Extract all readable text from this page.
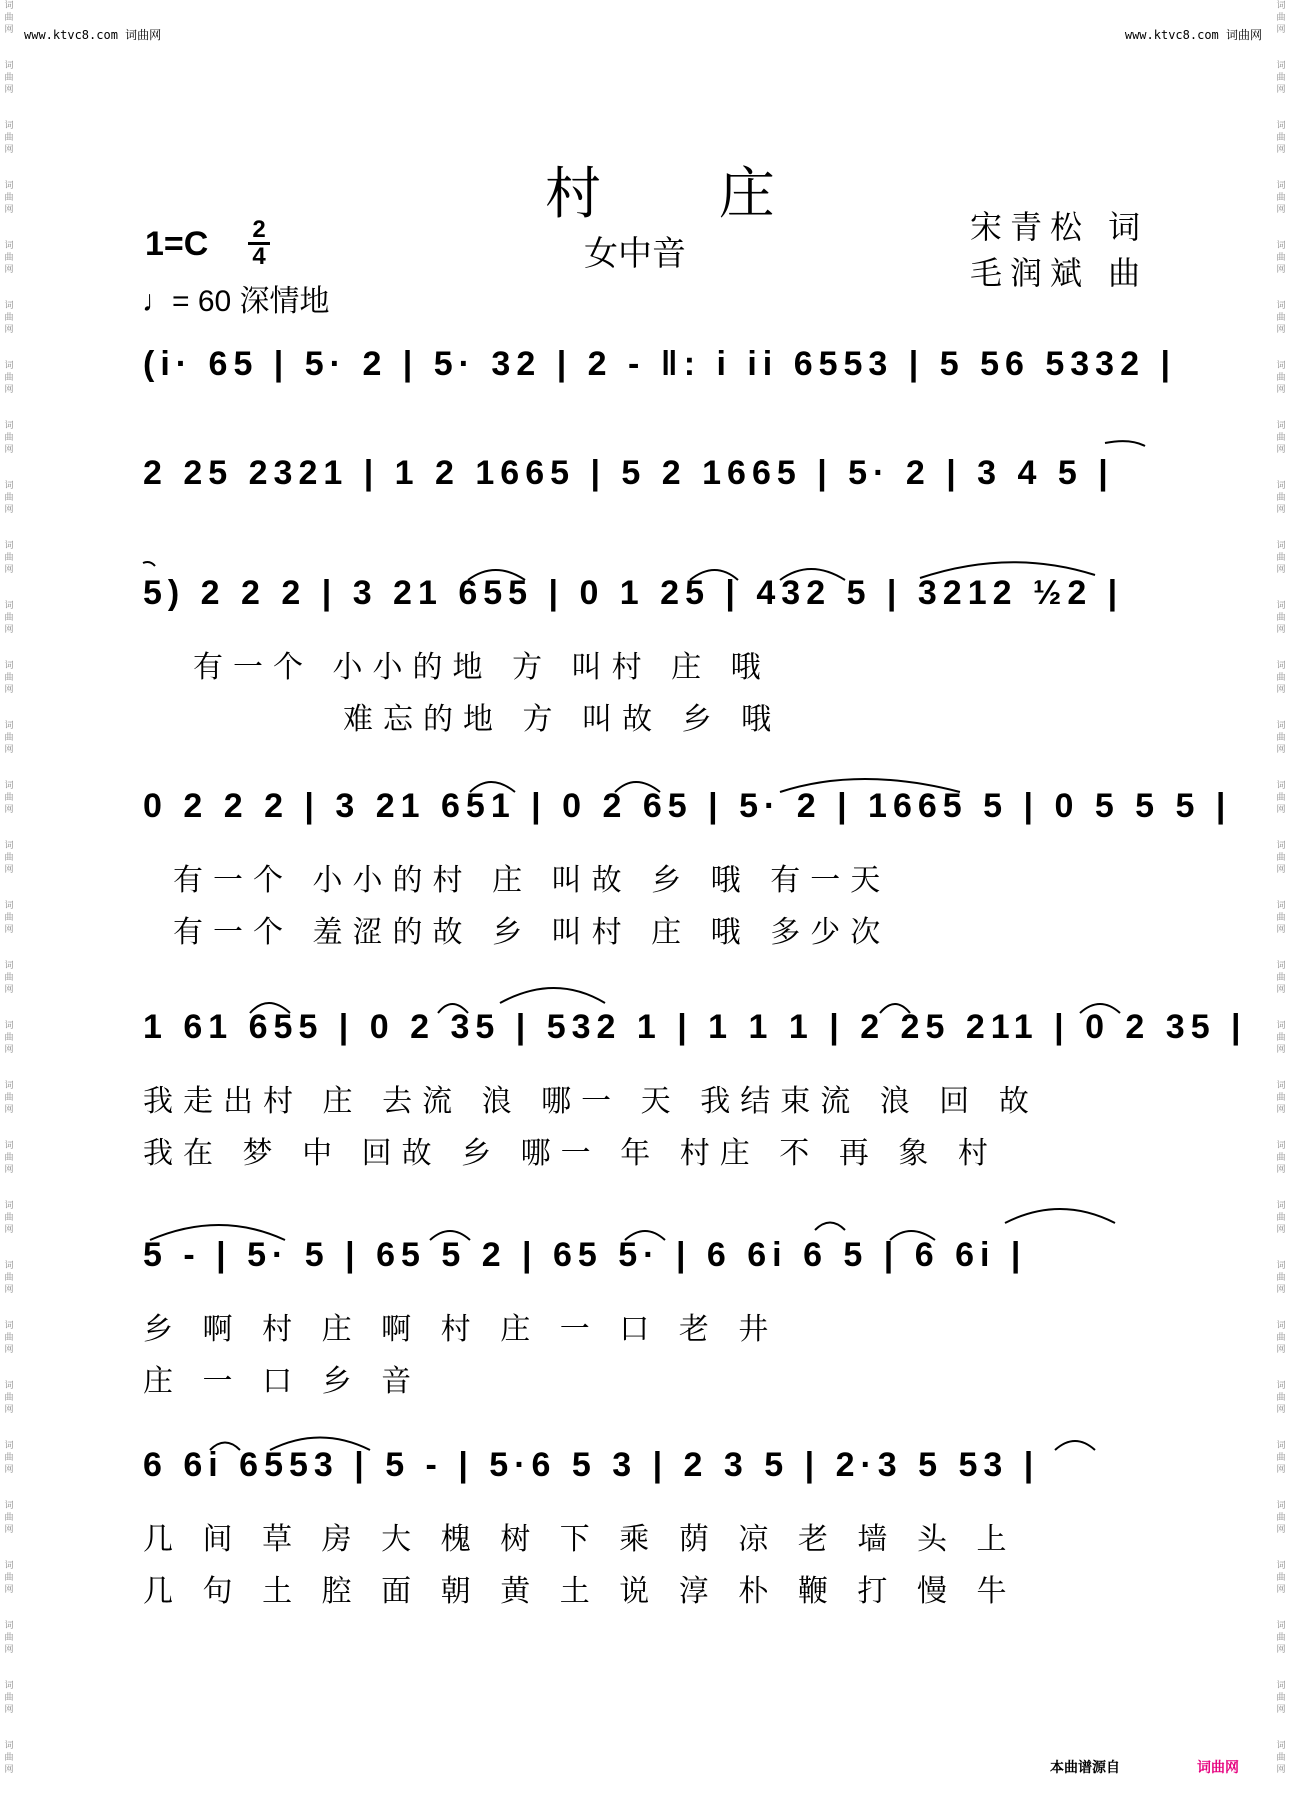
www.ktvc8.com 词曲网	www.ktvc8.com 词曲网
词
曲
网
词
曲
网
词
曲
网
词
曲
网
词
曲
网
词
曲
网
词
曲
网
词
曲
网
词
曲
网
词
曲
网
词
曲
网
词
曲
网
词
曲
网
词
曲
网
词
曲
网
词
曲
网
词
曲
网
词
曲
网
词
曲
网
词
曲
网
词
曲
网
词
曲
网
词
曲
网
词
曲
网
词
曲
网
词
曲
网
词
曲
网
词
曲
网
词
曲
网
词
曲
网
词
曲
网
词
曲
网
词
曲
网
词
曲
网
词
曲
网
词
曲
网
词
曲
网
词
曲
网
词
曲
网
词
曲
网
词
曲
网
词
曲
网
词
曲
网
词
曲
网
词
曲
网
词
曲
网
词
曲
网
词
曲
网
词
曲
网
词
曲
网
词
曲
网
词
曲
网
词
曲
网
词
曲
网
词
曲
网
词
曲
网
词
曲
网
词
曲
网
词
曲
网
词
曲
网
村 庄
女中音
宋青松 词
毛润斌 曲
1=C 2
4
♩= 60 深情地
(i· 65 | 5· 2 | 5· 32 | 2 - ‖: i ii 6553 | 5 56 5332 |
2 25 2321 | 1 2 1665 | 5 2 1665 | 5· 2 | 3 4 5 |
5) 2 2 2 | 3 21 655 | 0 1 25 | 432 5 | 3212 ½2 |
有一个 小小的地 方 叫村 庄 哦
难忘的地 方 叫故 乡 哦
0 2 2 2 | 3 21 651 | 0 2 65 | 5· 2 | 1665 5 | 0 5 5 5 |
有一个 小小的村 庄 叫故 乡 哦 有一天
有一个 羞涩的故 乡 叫村 庄 哦 多少次
1 61 655 | 0 2 35 | 532 1 | 1 1 1 | 2 25 211 | 0 2 35 |
我走出村 庄 去流 浪 哪一 天 我结束流 浪 回 故
我在 梦 中 回故 乡 哪一 年 村庄 不 再 象 村
5 - | 5· 5 | 65 5 2 | 65 5· | 6 6i 6 5 | 6 6i |
乡 啊 村 庄 啊 村 庄 一 口 老 井
庄 一 口 乡 音
6 6i 6553 | 5 - | 5·6 5 3 | 2 3 5 | 2·3 5 53 |
几 间 草 房 大 槐 树 下 乘 荫 凉 老 墙 头 上
几 句 土 腔 面 朝 黄 土 说 淳 朴 鞭 打 慢 牛
本曲谱源自	词曲网
